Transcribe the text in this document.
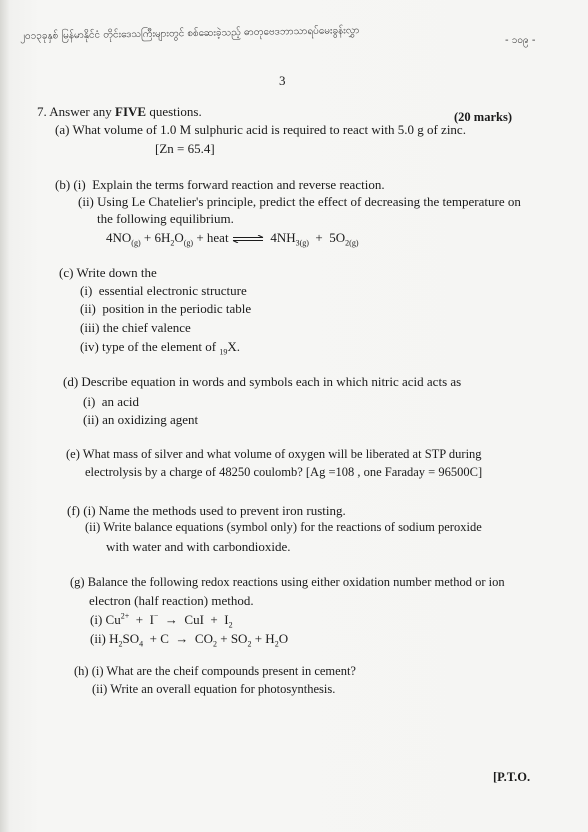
၂၀၁၃ခုနှစ် မြန်မာနိုင်ငံ တိုင်းဒေသကြီးများတွင် စစ်ဆေးခဲ့သည့် ဓာတုဗေဒဘာသာရပ်မေးခွန်းလွှာ	- ၁၀၉ -
3
7. Answer any FIVE questions.	(20 marks)
(a) What volume of 1.0 M sulphuric acid is required to react with 5.0 g of zinc.
[Zn = 65.4]
(b) (i) Explain the terms forward reaction and reverse reaction.
(ii) Using Le Chatelier's principle, predict the effect of decreasing the temperature on
the following equilibrium.
$4NO_{(g)} + 6H_2O_{(g)}$ + heat ⇌ $4NH_{3(g)} + 5O_{2(g)}$
(c) Write down the
(i) essential electronic structure
(ii) position in the periodic table
(iii) the chief valence
(iv) type of the element of $_{19}$X.
(d) Describe equation in words and symbols each in which nitric acid acts as
(i) an acid
(ii) an oxidizing agent
(e) What mass of silver and what volume of oxygen will be liberated at STP during
electrolysis by a charge of 48250 coulomb? [Ag =108 , one Faraday = 96500C]
(f) (i) Name the methods used to prevent iron rusting.
(ii) Write balance equations (symbol only) for the reactions of sodium peroxide
with water and with carbondioxide.
(g) Balance the following redox reactions using either oxidation number method or ion
electron (half reaction) method.
(i) $Cu^{2+} + I^-$ → CuI + $I_2$
(ii) $H_2SO_4 + C \to CO_2 + SO_2 + H_2O$
(h) (i) What are the cheif compounds present in cement?
(ii) Write an overall equation for photosynthesis.
[P.T.O.
